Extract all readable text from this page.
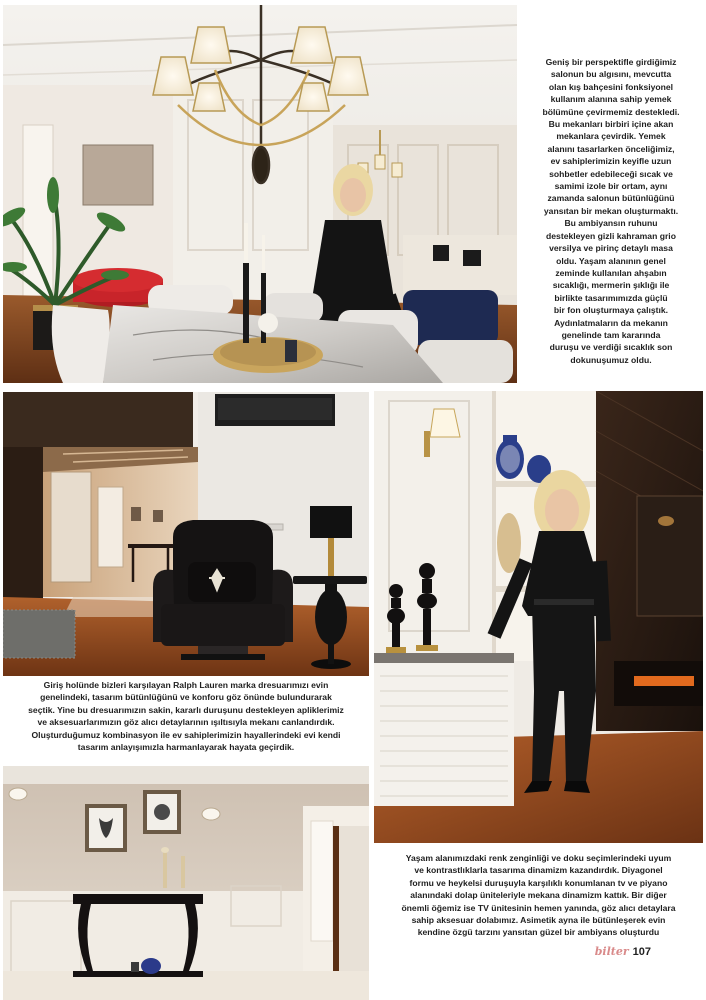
Geniş bir perspektifle girdiğimiz
salonun bu algısını, mevcutta
olan kış bahçesini fonksiyonel
kullanım alanına sahip yemek
bölümüne çevirmemiz destekledi.
Bu mekanları birbiri içine akan
mekanlara çevirdik. Yemek
alanını tasarlarken önceliğimiz,
ev sahiplerimizin keyifle uzun
sohbetler edebileceği sıcak ve
samimi izole bir ortam, aynı
zamanda salonun bütünlüğünü
yansıtan bir mekan oluşturmaktı.
Bu ambiyansın ruhunu
destekleyen gizli kahraman grio
versilya ve pirinç detaylı masa
oldu. Yaşam alanının genel
zeminde kullanılan ahşabın
sıcaklığı, mermerin şıklığı ile
birlikte tasarımımızda güçlü
bir fon oluşturmaya çalıştık.
Aydınlatmaların da mekanın
genelinde tam kararında
duruşu ve verdiği sıcaklık son
dokunuşumuz oldu.
Giriş holünde bizleri karşılayan Ralph Lauren marka dresuarımızı evin
genelindeki, tasarım bütünlüğünü ve konforu göz önünde bulundurarak
seçtik. Yine bu dresuarımızın sakin, kararlı duruşunu destekleyen apliklerimiz
ve aksesuarlarımızın göz alıcı detaylarının ışıltısıyla mekanı canlandırdık.
Oluşturduğumuz kombinasyon ile ev sahiplerimizin hayallerindeki evi kendi
tasarım anlayışımızla harmanlayarak hayata geçirdik.
Yaşam alanımızdaki renk zenginliği ve doku seçimlerindeki uyum
ve kontrastlıklarla tasarıma dinamizm kazandırdık. Diyagonel
formu ve heykelsi duruşuyla karşılıklı konumlanan tv ve piyano
alanındaki dolap üniteleriyle mekana dinamizm kattık. Bir diğer
önemli öğemiz ise TV ünitesinin hemen yanında, göz alıcı detaylara
sahip aksesuar dolabımız. Asimetik ayna ile bütünleşerek evin
kendine özgü tarzını yansıtan güzel bir ambiyans oluşturdu
bilter 107
